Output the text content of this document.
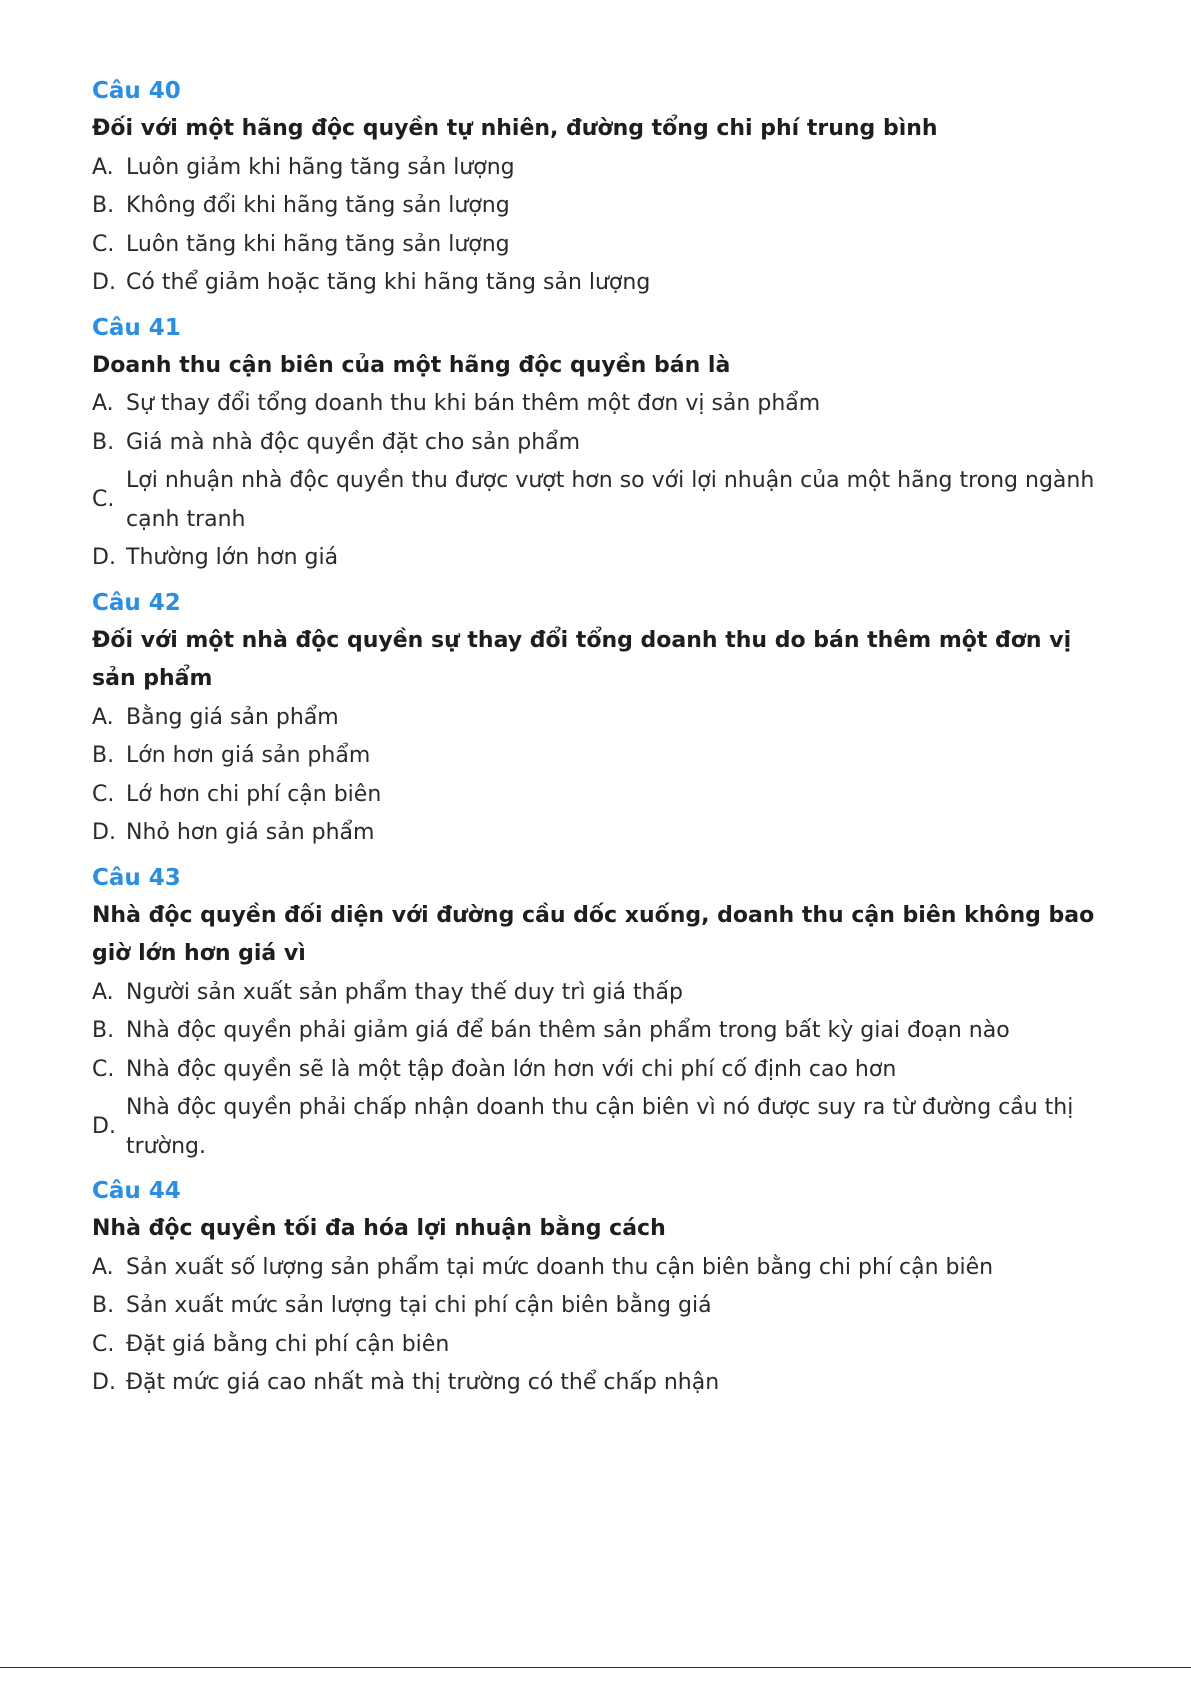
Câu 40
Đối với một hãng độc quyền tự nhiên, đường tổng chi phí trung bình
A. Luôn giảm khi hãng tăng sản lượng
B. Không đổi khi hãng tăng sản lượng
C. Luôn tăng khi hãng tăng sản lượng
D. Có thể giảm hoặc tăng khi hãng tăng sản lượng
Câu 41
Doanh thu cận biên của một hãng độc quyền bán là
A. Sự thay đổi tổng doanh thu khi bán thêm một đơn vị sản phẩm
B. Giá mà nhà độc quyền đặt cho sản phẩm
C.
Lợi nhuận nhà độc quyền thu được vượt hơn so với lợi nhuận của một hãng trong ngành cạnh tranh
D. Thường lớn hơn giá
Câu 42
Đối với một nhà độc quyền sự thay đổi tổng doanh thu do bán thêm một đơn vị sản phẩm
A. Bằng giá sản phẩm
B. Lớn hơn giá sản phẩm
C. Lớ hơn chi phí cận biên
D. Nhỏ hơn giá sản phẩm
Câu 43
Nhà độc quyền đối diện với đường cầu dốc xuống, doanh thu cận biên không bao giờ lớn hơn giá vì
A. Người sản xuất sản phẩm thay thế duy trì giá thấp
B. Nhà độc quyền phải giảm giá để bán thêm sản phẩm trong bất kỳ giai đoạn nào
C. Nhà độc quyền sẽ là một tập đoàn lớn hơn với chi phí cố định cao hơn
D.
Nhà độc quyền phải chấp nhận doanh thu cận biên vì nó được suy ra từ đường cầu thị trường.
Câu 44
Nhà độc quyền tối đa hóa lợi nhuận bằng cách
A. Sản xuất số lượng sản phẩm tại mức doanh thu cận biên bằng chi phí cận biên
B. Sản xuất mức sản lượng tại chi phí cận biên bằng giá
C. Đặt giá bằng chi phí cận biên
D. Đặt mức giá cao nhất mà thị trường có thể chấp nhận
